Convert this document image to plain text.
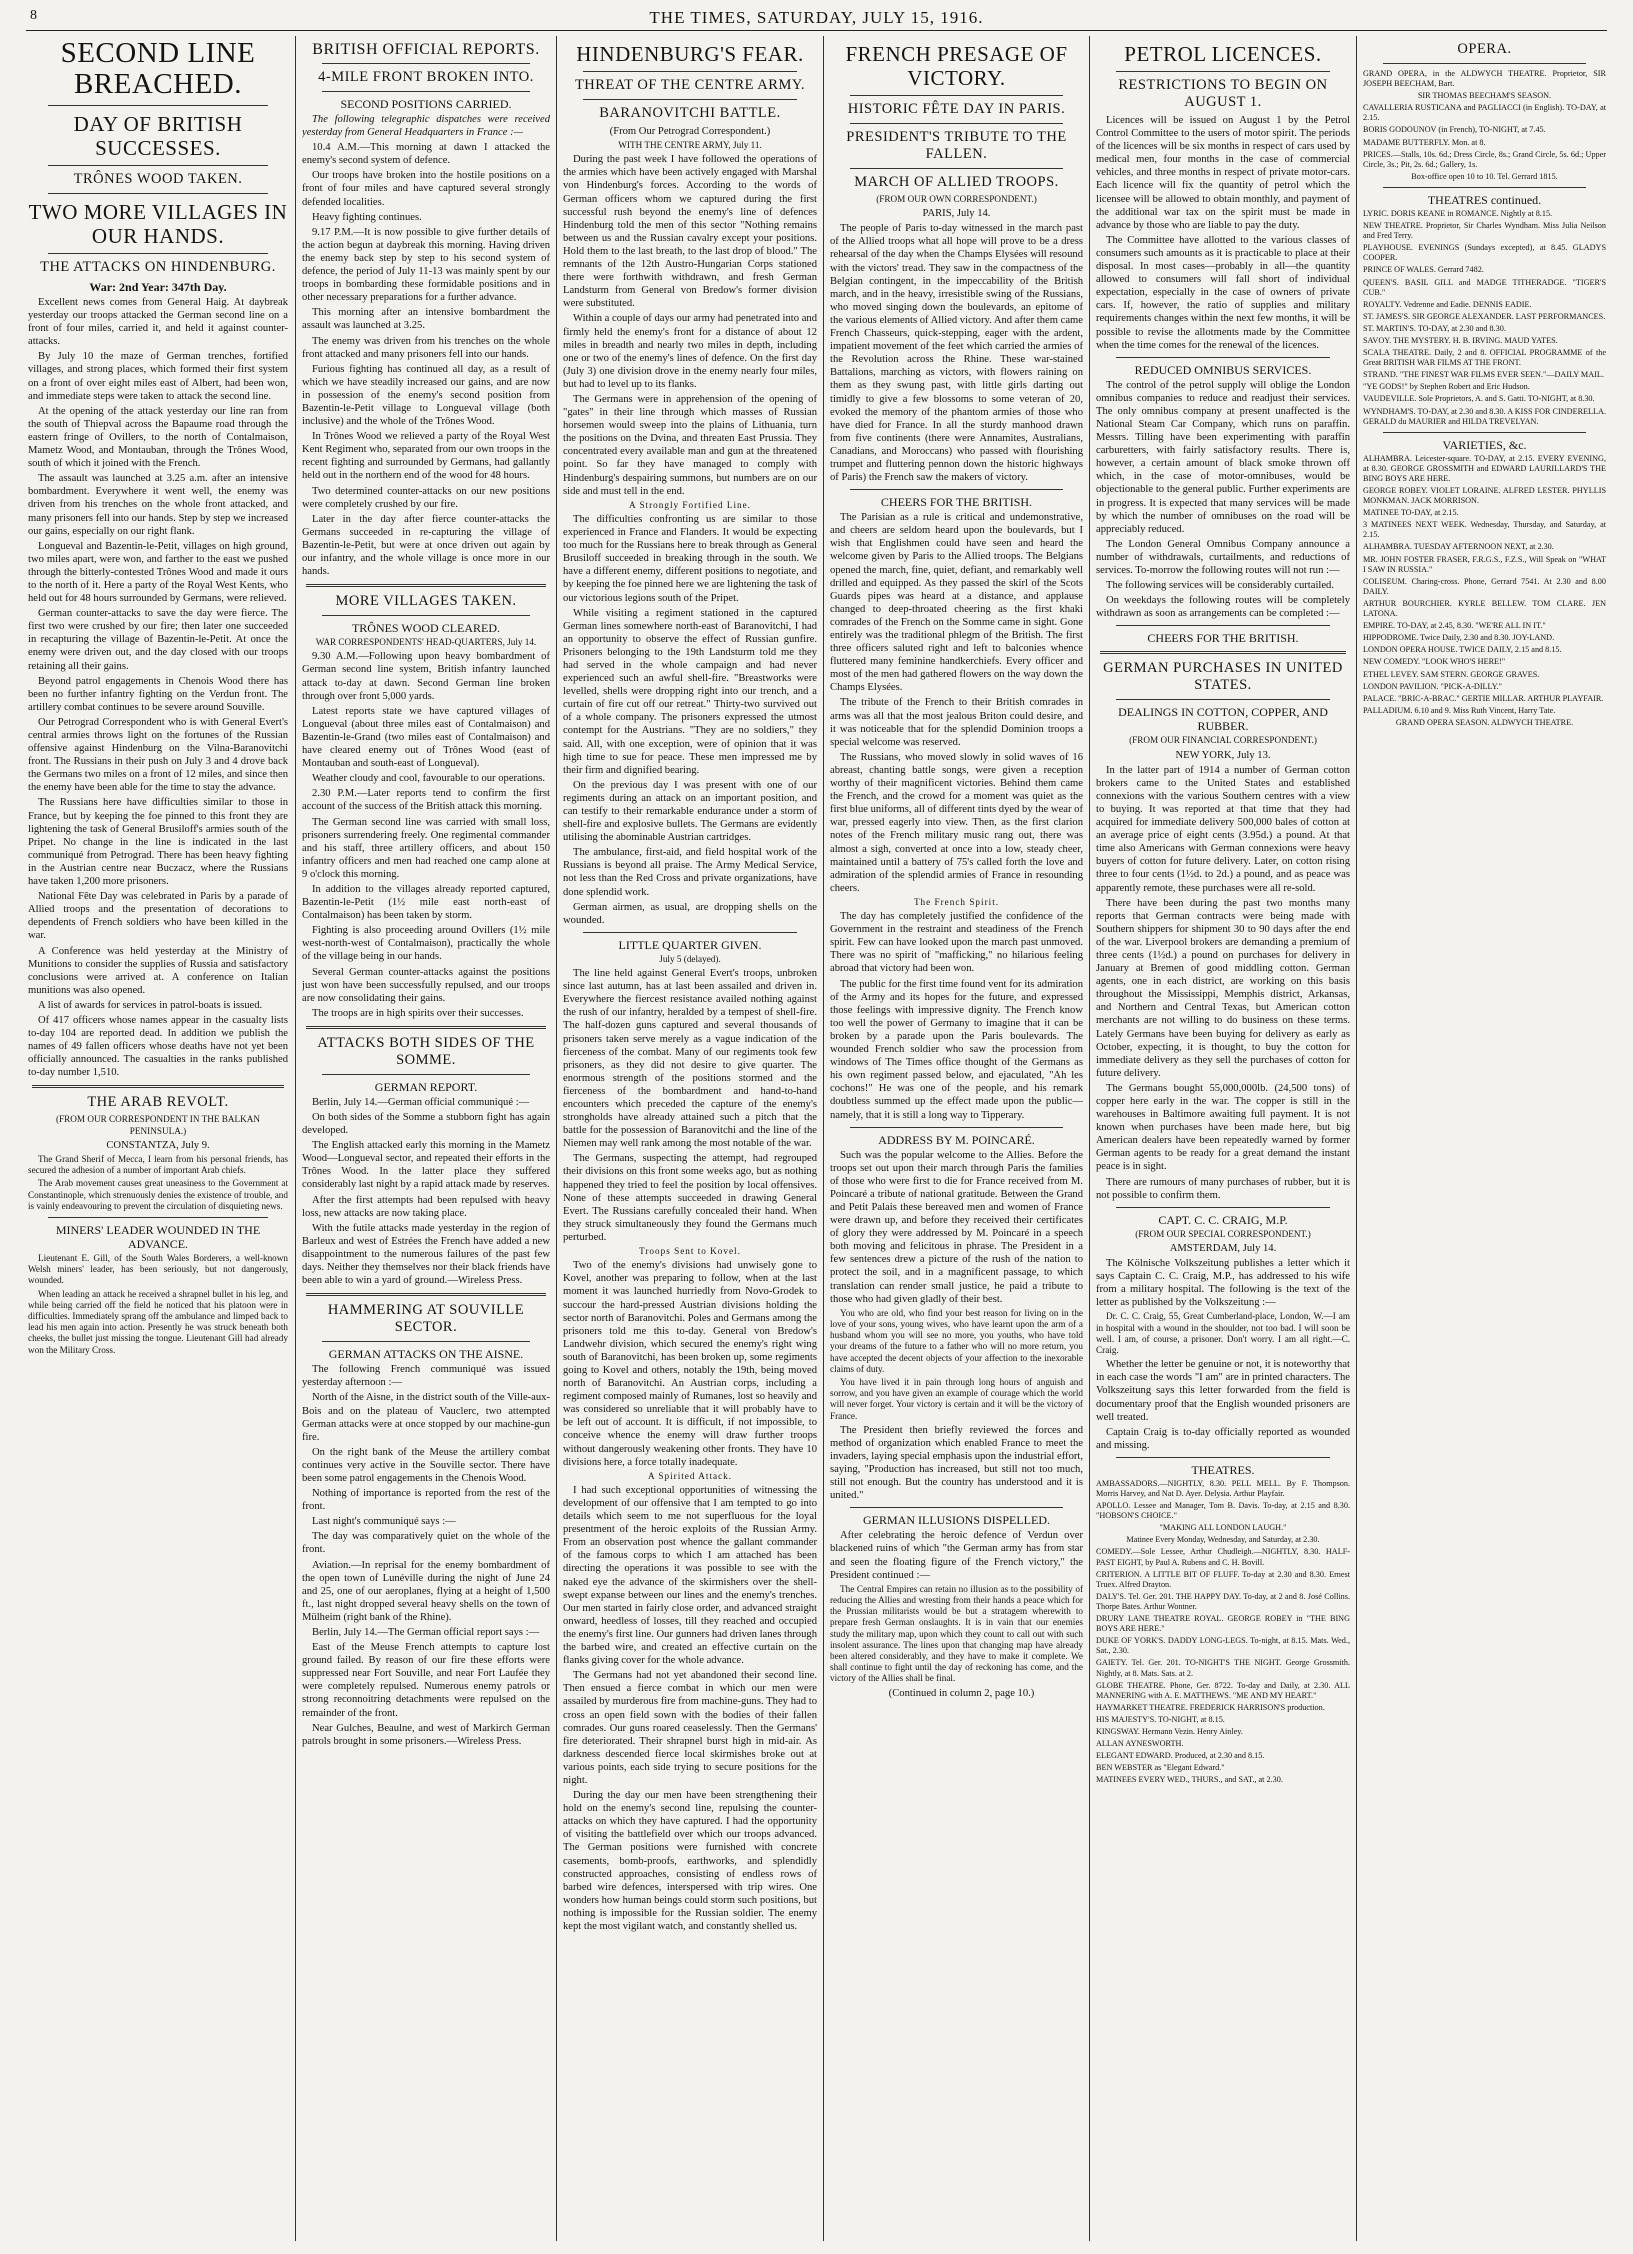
8	THE TIMES, SATURDAY, JULY 15, 1916.
SECOND LINE BREACHED.
DAY OF BRITISH SUCCESSES.
TRÔNES WOOD TAKEN.
TWO MORE VILLAGES IN OUR HANDS.
THE ATTACKS ON HINDENBURG.
War: 2nd Year: 347th Day.

Excellent news comes from General Haig. At daybreak yesterday our troops attacked the German second line on a front of four miles, carried it, and held it against counter-attacks.

By July 10 the maze of German trenches, fortified villages, and strong places, which formed their first system on a front of over eight miles east of Albert, had been won, and immediate steps were taken to attack the second line.

At the opening of the attack yesterday our line ran from the south of Thiepval across the Bapaume road through the eastern fringe of Ovillers, to the north of Contalmaison, Mametz Wood, and Montauban, through the Trônes Wood, south of which it joined with the French.

The assault was launched at 3.25 a.m. after an intensive bombardment. Everywhere it went well, the enemy was driven from his trenches on the whole front attacked, and many prisoners fell into our hands. Step by step we increased our gains, especially on our right flank.

Longueval and Bazentin-le-Petit, villages on high ground, two miles apart, were won, and farther to the east we pushed through the bitterly-contested Trônes Wood and made it ours to the north of it. Here a party of the Royal West Kents, who held out for 48 hours surrounded by Germans, were relieved.

German counter-attacks to save the day were fierce. The first two were crushed by our fire; then later one succeeded in recapturing the village of Bazentin-le-Petit. At once the enemy were driven out, and the day closed with our troops retaining all their gains.

Beyond patrol engagements in Chenois Wood there has been no further infantry fighting on the Verdun front. The artillery combat continues to be severe around Souville.

Our Petrograd Correspondent who is with General Evert's central armies throws light on the fortunes of the Russian offensive against Hindenburg on the Vilna-Baranovitchi front. The Russians in their push on July 3 and 4 drove back the Germans two miles on a front of 12 miles, and since then the enemy have been able for the time to stay the advance.

The Russians here have difficulties similar to those in France, but by keeping the foe pinned to this front they are lightening the task of General Brusiloff's armies south of the Pripet. No change in the line is indicated in the last communiqué from Petrograd. There has been heavy fighting in the Austrian centre near Buczacz, where the Russians have taken 1,200 more prisoners.

National Fête Day was celebrated in Paris by a parade of Allied troops and the presentation of decorations to dependents of French soldiers who have been killed in the war.

A Conference was held yesterday at the Ministry of Munitions to consider the supplies of Russia and satisfactory conclusions were arrived at. A conference on Italian munitions was also opened.

A list of awards for services in patrol-boats is issued.

Of 417 officers whose names appear in the casualty lists to-day 104 are reported dead. In addition we publish the names of 49 fallen officers whose deaths have not yet been officially announced. The casualties in the ranks published to-day number 1,510.

THE ARAB REVOLT.

(FROM OUR CORRESPONDENT IN THE BALKAN PENINSULA.)

CONSTANTZA, July 9.

The Grand Sherif of Mecca, I learn from his personal friends, has secured the adhesion of a number of important Arab chiefs.

The Arab movement causes great uneasiness to the Government at Constantinople, which strenuously denies the existence of trouble, and is vainly endeavouring to prevent the circulation of disquieting news.

MINERS' LEADER WOUNDED IN THE ADVANCE.

Lieutenant E. Gill, of the South Wales Borderers, a well-known Welsh miners' leader, has been seriously, but not dangerously, wounded.

When leading an attack he received a shrapnel bullet in his leg, and while being carried off the field he noticed that his platoon were in difficulties. Immediately sprang off the ambulance and limped back to lead his men again into action. Presently he was struck beneath both cheeks, the bullet just missing the tongue. Lieutenant Gill had already won the Military Cross.

BRITISH OFFICIAL REPORTS.
4-MILE FRONT BROKEN INTO.
SECOND POSITIONS CARRIED.

The following telegraphic dispatches were received yesterday from General Headquarters in France :—

10.4 A.M.—This morning at dawn I attacked the enemy's second system of defence.

Our troops have broken into the hostile positions on a front of four miles and have captured several strongly defended localities.

Heavy fighting continues.

9.17 P.M.—It is now possible to give further details of the action begun at daybreak this morning. Having driven the enemy back step by step to his second system of defence, the period of July 11-13 was mainly spent by our troops in bombarding these formidable positions and in other necessary preparations for a further advance.

This morning after an intensive bombardment the assault was launched at 3.25.

The enemy was driven from his trenches on the whole front attacked and many prisoners fell into our hands.

Furious fighting has continued all day, as a result of which we have steadily increased our gains, and are now in possession of the enemy's second position from Bazentin-le-Petit village to Longueval village (both inclusive) and the whole of the Trônes Wood.

In Trônes Wood we relieved a party of the Royal West Kent Regiment who, separated from our own troops in the recent fighting and surrounded by Germans, had gallantly held out in the northern end of the wood for 48 hours.

Two determined counter-attacks on our new positions were completely crushed by our fire.

Later in the day after fierce counter-attacks the Germans succeeded in re-capturing the village of Bazentin-le-Petit, but were at once driven out again by our infantry, and the whole village is once more in our hands.

MORE VILLAGES TAKEN.
TRÔNES WOOD CLEARED.

WAR CORRESPONDENTS' HEAD-QUARTERS, July 14.

9.30 A.M.—Following upon heavy bombardment of German second line system, British infantry launched attack to-day at dawn. Second German line broken through over front 5,000 yards.

Latest reports state we have captured villages of Longueval (about three miles east of Contalmaison) and Bazentin-le-Grand (two miles east of Contalmaison) and have cleared enemy out of Trônes Wood (east of Montauban and south-east of Longueval).

Weather cloudy and cool, favourable to our operations.

2.30 P.M.—Later reports tend to confirm the first account of the success of the British attack this morning.

The German second line was carried with small loss, prisoners surrendering freely. One regimental commander and his staff, three artillery officers, and about 150 infantry officers and men had reached one camp alone at 9 o'clock this morning.

In addition to the villages already reported captured, Bazentin-le-Petit (1½ mile east north-east of Contalmaison) has been taken by storm.

Fighting is also proceeding around Ovillers (1½ mile west-north-west of Contalmaison), practically the whole of the village being in our hands.

Several German counter-attacks against the positions just won have been successfully repulsed, and our troops are now consolidating their gains.

The troops are in high spirits over their successes.

ATTACKS BOTH SIDES OF THE SOMME.
GERMAN REPORT.

Berlin, July 14.—German official communiqué :—

On both sides of the Somme a stubborn fight has again developed.

The English attacked early this morning in the Mametz Wood—Longueval sector, and repeated their efforts in the Trônes Wood. In the latter place they suffered considerably last night by a rapid attack made by reserves.

After the first attempts had been repulsed with heavy loss, new attacks are now taking place.

With the futile attacks made yesterday in the region of Barleux and west of Estrées the French have added a new disappointment to the numerous failures of the past few days. Neither they themselves nor their black friends have been able to win a yard of ground.—Wireless Press.

HAMMERING AT SOUVILLE SECTOR.
GERMAN ATTACKS ON THE AISNE.

The following French communiqué was issued yesterday afternoon :—

North of the Aisne, in the district south of the Ville-aux-Bois and on the plateau of Vauclerc, two attempted German attacks were at once stopped by our machine-gun fire.

On the right bank of the Meuse the artillery combat continues very active in the Souville sector. There have been some patrol engagements in the Chenois Wood.

Nothing of importance is reported from the rest of the front.

Last night's communiqué says :—

The day was comparatively quiet on the whole of the front.

Aviation.—In reprisal for the enemy bombardment of the open town of Lunéville during the night of June 24 and 25, one of our aeroplanes, flying at a height of 1,500 ft., last night dropped several heavy shells on the town of Mülheim (right bank of the Rhine).

Berlin, July 14.—The German official report says :—

East of the Meuse French attempts to capture lost ground failed. By reason of our fire these efforts were suppressed near Fort Souville, and near Fort Laufée they were completely repulsed. Numerous enemy patrols or strong reconnoitring detachments were repulsed on the remainder of the front.

Near Gulches, Beaulne, and west of Markirch German patrols brought in some prisoners.—Wireless Press.

HINDENBURG'S FEAR.
THREAT OF THE CENTRE ARMY.
BARANOVITCHI BATTLE.

(From Our Petrograd Correspondent.)

WITH THE CENTRE ARMY, July 11.

During the past week I have followed the operations of the armies which have been actively engaged with Marshal von Hindenburg's forces. According to the words of German officers whom we captured during the first successful rush beyond the enemy's line of defences Hindenburg told the men of this sector "Nothing remains between us and the Russian cavalry except your positions. Hold them to the last breath, to the last drop of blood." The remnants of the 12th Austro-Hungarian Corps stationed there were forthwith withdrawn, and fresh German Landsturm from General von Bredow's former division were substituted.

Within a couple of days our army had penetrated into and firmly held the enemy's front for a distance of about 12 miles in breadth and nearly two miles in depth, including one or two of the enemy's lines of defence. On the first day (July 3) one division drove in the enemy nearly four miles, but had to level up to its flanks.

The Germans were in apprehension of the opening of "gates" in their line through which masses of Russian horsemen would sweep into the plains of Lithuania, turn the positions on the Dvina, and threaten East Prussia. They concentrated every available man and gun at the threatened point. So far they have managed to comply with Hindenburg's despairing summons, but numbers are on our side and must tell in the end.

A Strongly Fortified Line.

The difficulties confronting us are similar to those experienced in France and Flanders. It would be expecting too much for the Russians here to break through as General Brusiloff succeeded in breaking through in the south. We have a different enemy, different positions to negotiate, and by keeping the foe pinned here we are lightening the task of our victorious legions south of the Pripet.

While visiting a regiment stationed in the captured German lines somewhere north-east of Baranovitchi, I had an opportunity to observe the effect of Russian gunfire. Prisoners belonging to the 19th Landsturm told me they had served in the whole campaign and had never experienced such an awful shell-fire. "Breastworks were levelled, shells were dropping right into our trench, and a curtain of fire cut off our retreat." Thirty-two survived out of a whole company. The prisoners expressed the utmost contempt for the Austrians. "They are no soldiers," they said. All, with one exception, were of opinion that it was high time to sue for peace. These men impressed me by their firm and dignified bearing.

On the previous day I was present with one of our regiments during an attack on an important position, and can testify to their remarkable endurance under a storm of shell-fire and explosive bullets. The Germans are evidently utilising the abominable Austrian cartridges.

The ambulance, first-aid, and field hospital work of the Russians is beyond all praise. The Army Medical Service, not less than the Red Cross and private organizations, have done splendid work.

German airmen, as usual, are dropping shells on the wounded.

LITTLE QUARTER GIVEN.

July 5 (delayed).

The line held against General Evert's troops, unbroken since last autumn, has at last been assailed and driven in. Everywhere the fiercest resistance availed nothing against the rush of our infantry, heralded by a tempest of shell-fire. The half-dozen guns captured and several thousands of prisoners taken serve merely as a vague indication of the fierceness of the combat. Many of our regiments took few prisoners, as they did not desire to give quarter. The enormous strength of the positions stormed and the fierceness of the bombardment and hand-to-hand encounters which preceded the capture of the enemy's strongholds have already attained such a pitch that the battle for the possession of Baranovitchi and the line of the Niemen may well rank among the most notable of the war.

The Germans, suspecting the attempt, had regrouped their divisions on this front some weeks ago, but as nothing happened they tried to feel the position by local offensives. None of these attempts succeeded in drawing General Evert. The Russians carefully concealed their hand. When they struck simultaneously they found the Germans much perturbed.

Troops Sent to Kovel.

Two of the enemy's divisions had unwisely gone to Kovel, another was preparing to follow, when at the last moment it was launched hurriedly from Novo-Grodek to succour the hard-pressed Austrian divisions holding the sector north of Baranovitchi. Poles and Germans among the prisoners told me this to-day. General von Bredow's Landwehr division, which secured the enemy's right wing south of Baranovitchi, has been broken up, some regiments going to Kovel and others, notably the 19th, being moved north of Baranovitchi. An Austrian corps, including a regiment composed mainly of Rumanes, lost so heavily and was considered so unreliable that it will probably have to be left out of account. It is difficult, if not impossible, to conceive whence the enemy will draw further troops without dangerously weakening other fronts. They have 10 divisions here, a force totally inadequate.

A Spirited Attack.

I had such exceptional opportunities of witnessing the development of our offensive that I am tempted to go into details which seem to me not superfluous for the loyal presentment of the heroic exploits of the Russian Army. From an observation post whence the gallant commander of the famous corps to which I am attached has been directing the operations it was possible to see with the naked eye the advance of the skirmishers over the shell-swept expanse between our lines and the enemy's trenches. Our men started in fairly close order, and advanced straight onward, heedless of losses, till they reached and occupied the enemy's first line. Our gunners had driven lanes through the barbed wire, and created an effective curtain on the flanks giving cover for the whole advance.

The Germans had not yet abandoned their second line. Then ensued a fierce combat in which our men were assailed by murderous fire from machine-guns. They had to cross an open field sown with the bodies of their fallen comrades. Our guns roared ceaselessly. Then the Germans' fire deteriorated. Their shrapnel burst high in mid-air. As darkness descended fierce local skirmishes broke out at various points, each side trying to secure positions for the night.

During the day our men have been strengthening their hold on the enemy's second line, repulsing the counter-attacks on which they have captured. I had the opportunity of visiting the battlefield over which our troops advanced. The German positions were furnished with concrete casements, bomb-proofs, earthworks, and splendidly constructed approaches, consisting of endless rows of barbed wire defences, interspersed with trip wires. One wonders how human beings could storm such positions, but nothing is impossible for the Russian soldier. The enemy kept the most vigilant watch, and constantly shelled us.

FRENCH PRESAGE OF VICTORY.
HISTORIC FÊTE DAY IN PARIS.
PRESIDENT'S TRIBUTE TO THE FALLEN.
MARCH OF ALLIED TROOPS.

(FROM OUR OWN CORRESPONDENT.)

PARIS, July 14.

The people of Paris to-day witnessed in the march past of the Allied troops what all hope will prove to be a dress rehearsal of the day when the Champs Elysées will resound with the victors' tread. They saw in the compactness of the Belgian contingent, in the impeccability of the British march, and in the heavy, irresistible swing of the Russians, who moved singing down the boulevards, an epitome of the various elements of Allied victory. And after them came French Chasseurs, quick-stepping, eager with the ardent, impatient movement of the feet which carried the armies of the Revolution across the Rhine. These war-stained Battalions, marching as victors, with flowers raining on them as they swung past, with little girls darting out timidly to give a few blossoms to some veteran of 20, evoked the memory of the phantom armies of those who have died for France. In all the sturdy manhood drawn from five continents (there were Annamites, Australians, Canadians, and Moroccans) who passed with flourishing trumpet and fluttering pennon down the historic highways of Paris) the French saw the makers of victory.

CHEERS FOR THE BRITISH.

The Parisian as a rule is critical and undemonstrative, and cheers are seldom heard upon the boulevards, but I wish that Englishmen could have seen and heard the welcome given by Paris to the Allied troops. The Belgians opened the march, fine, quiet, defiant, and remarkably well drilled and equipped. As they passed the skirl of the Scots Guards pipes was heard at a distance, and applause changed to deep-throated cheering as the first khaki comrades of the French on the Somme came in sight. Gone entirely was the traditional phlegm of the British. The first three officers saluted right and left to balconies whence fluttered many feminine handkerchiefs. Every officer and most of the men had gathered flowers on the way down the Champs Elysées.

The tribute of the French to their British comrades in arms was all that the most jealous Briton could desire, and it was noticeable that for the splendid Dominion troops a special welcome was reserved.

The Russians, who moved slowly in solid waves of 16 abreast, chanting battle songs, were given a reception worthy of their magnificent victories. Behind them came the French, and the crowd for a moment was quiet as the first blue uniforms, all of different tints dyed by the wear of war, pressed eagerly into view. Then, as the first clarion notes of the French military music rang out, there was almost a sigh, converted at once into a low, steady cheer, maintained until a battery of 75's called forth the love and admiration of the splendid armies of France in resounding cheers.

The French Spirit.

The day has completely justified the confidence of the Government in the restraint and steadiness of the French spirit. Few can have looked upon the march past unmoved. There was no spirit of "mafficking," no hilarious feeling abroad that victory had been won.

The public for the first time found vent for its admiration of the Army and its hopes for the future, and expressed those feelings with impressive dignity. The French know too well the power of Germany to imagine that it can be broken by a parade upon the Paris boulevards. The wounded French soldier who saw the procession from windows of The Times office thought of the Germans as his own regiment passed below, and ejaculated, "Ah les cochons!" He was one of the people, and his remark doubtless summed up the effect made upon the public—namely, that it is still a long way to Tipperary.

ADDRESS BY M. POINCARÉ.

Such was the popular welcome to the Allies. Before the troops set out upon their march through Paris the families of those who were first to die for France received from M. Poincaré a tribute of national gratitude. Between the Grand and Petit Palais these bereaved men and women of France were drawn up, and before they received their certificates of glory they were addressed by M. Poincaré in a speech both moving and felicitous in phrase. The President in a few sentences drew a picture of the rush of the nation to protect the soil, and in a magnificent passage, to which translation can render small justice, he paid a tribute to those who had given gladly of their best.

You who are old, who find your best reason for living on in the love of your sons, young wives, who have learnt upon the arm of a husband whom you will see no more, you youths, who have told your dreams of the future to a father who will no more return, you have accepted the decent objects of your affection to the inexorable claims of duty.

You have lived it in pain through long hours of anguish and sorrow, and you have given an example of courage which the world will never forget. Your victory is certain and it will be the victory of France.

The President then briefly reviewed the forces and method of organization which enabled France to meet the invaders, laying special emphasis upon the industrial effort, saying, "Production has increased, but still not too much, still not enough. But the country has understood and it is united."

GERMAN ILLUSIONS DISPELLED.

After celebrating the heroic defence of Verdun over blackened ruins of which "the German army has from star and seen the floating figure of the French victory," the President continued :—

The Central Empires can retain no illusion as to the possibility of reducing the Allies and wresting from their hands a peace which for the Prussian militarists would be but a stratagem wherewith to prepare fresh German onslaughts. It is in vain that our enemies study the military map, upon which they count to call out with such insolent assurance. The lines upon that changing map have already been altered considerably, and they have to make it complete. We shall continue to fight until the day of reckoning has come, and the victory of the Allies shall be final.

(Continued in column 2, page 10.)

PETROL LICENCES.
RESTRICTIONS TO BEGIN ON AUGUST 1.

Licences will be issued on August 1 by the Petrol Control Committee to the users of motor spirit. The periods of the licences will be six months in respect of cars used by medical men, four months in the case of commercial vehicles, and three months in respect of private motor-cars. Each licence will fix the quantity of petrol which the licensee will be allowed to obtain monthly, and payment of the additional war tax on the spirit must be made in advance by those who are liable to pay the duty.

The Committee have allotted to the various classes of consumers such amounts as it is practicable to place at their disposal. In most cases—probably in all—the quantity allowed to consumers will fall short of individual expectation, especially in the case of owners of private cars. If, however, the ratio of supplies and military requirements changes within the next few months, it will be possible to revise the allotments made by the Committee when the time comes for the renewal of the licences.

REDUCED OMNIBUS SERVICES.

The control of the petrol supply will oblige the London omnibus companies to reduce and readjust their services. The only omnibus company at present unaffected is the National Steam Car Company, which runs on paraffin. Messrs. Tilling have been experimenting with paraffin carburetters, with fairly satisfactory results. There is, however, a certain amount of black smoke thrown off which, in the case of motor-omnibuses, would be objectionable to the general public. Further experiments are in progress. It is expected that many services will be made by which the number of omnibuses on the road will be appreciably reduced.

The London General Omnibus Company announce a number of withdrawals, curtailments, and reductions of services. To-morrow the following routes will not run :—

The following services will be considerably curtailed.

On weekdays the following routes will be completely withdrawn as soon as arrangements can be completed :—

CHEERS FOR THE BRITISH.
GERMAN PURCHASES IN UNITED STATES.
DEALINGS IN COTTON, COPPER, AND RUBBER.

(FROM OUR FINANCIAL CORRESPONDENT.)

NEW YORK, July 13.

In the latter part of 1914 a number of German cotton brokers came to the United States and established connexions with the various Southern centres with a view to buying. It was reported at that time that they had acquired for immediate delivery 500,000 bales of cotton at an average price of eight cents (3.95d.) a pound. At that time also Americans with German connexions were heavy buyers of cotton for future delivery. Later, on cotton rising three to four cents (1½d. to 2d.) a pound, and as peace was apparently remote, these purchases were all re-sold.

There have been during the past two months many reports that German contracts were being made with Southern shippers for shipment 30 to 90 days after the end of the war. Liverpool brokers are demanding a premium of three cents (1½d.) a pound on purchases for delivery in January at Bremen of good middling cotton. German agents, one in each district, are working on this basis throughout the Mississippi, Memphis district, Arkansas, and Northern and Central Texas, but American cotton merchants are not willing to do business on these terms. Lately Germans have been buying for delivery as early as October, expecting, it is thought, to buy the cotton for immediate delivery as they sell the purchases of cotton for future delivery.

The Germans bought 55,000,000lb. (24,500 tons) of copper here early in the war. The copper is still in the warehouses in Baltimore awaiting full payment. It is not known when purchases have been made here, but big American dealers have been repeatedly warned by former German agents to be ready for a great demand the instant peace is in sight.

There are rumours of many purchases of rubber, but it is not possible to confirm them.

CAPT. C. C. CRAIG, M.P.

(FROM OUR SPECIAL CORRESPONDENT.)

AMSTERDAM, July 14.

The Kölnische Volkszeitung publishes a letter which it says Captain C. C. Craig, M.P., has addressed to his wife from a military hospital. The following is the text of the letter as published by the Volkszeitung :—

Dr. C. C. Craig, 55, Great Cumberland-place, London, W.—I am in hospital with a wound in the shoulder, not too bad. I will soon be well. I am, of course, a prisoner. Don't worry. I am all right.—C. Craig.

Whether the letter be genuine or not, it is noteworthy that in each case the words "I am" are in printed characters. The Volkszeitung says this letter forwarded from the field is documentary proof that the English wounded prisoners are well treated.

Captain Craig is to-day officially reported as wounded and missing.

THEATRES.

AMBASSADORS.—NIGHTLY, 8.30. PELL MELL. By F. Thompson. Morris Harvey, and Nat D. Ayer. Delysia. Arthur Playfair.

APOLLO. Lessee and Manager, Tom B. Davis. To-day, at 2.15 and 8.30. "HOBSON'S CHOICE."

"MAKING ALL LONDON LAUGH."

Matinee Every Monday, Wednesday, and Saturday, at 2.30.

COMEDY.—Sole Lessee, Arthur Chudleigh.—NIGHTLY, 8.30. HALF-PAST EIGHT, by Paul A. Rubens and C. H. Bovill.

CRITERION. A LITTLE BIT OF FLUFF. To-day at 2.30 and 8.30. Ernest Truex. Alfred Drayton.

DALY'S. Tel. Ger. 201. THE HAPPY DAY. To-day, at 2 and 8. José Collins. Thorpe Bates. Arthur Wontner.

DRURY LANE THEATRE ROYAL. GEORGE ROBEY in "THE BING BOYS ARE HERE."

DUKE OF YORK'S. DADDY LONG-LEGS. To-night, at 8.15. Mats. Wed., Sat., 2.30.

GAIETY. Tel. Ger. 201. TO-NIGHT'S THE NIGHT. George Grossmith. Nightly, at 8. Mats. Sats. at 2.

GLOBE THEATRE. Phone, Ger. 8722. To-day and Daily, at 2.30. ALL MANNERING with A. E. MATTHEWS. "ME AND MY HEART."

HAYMARKET THEATRE. FREDERICK HARRISON'S production.

HIS MAJESTY'S. TO-NIGHT, at 8.15.

KINGSWAY. Hermann Vezin. Henry Ainley.

ALLAN AYNESWORTH.

ELEGANT EDWARD. Produced, at 2.30 and 8.15.

BEN WEBSTER as "Elegant Edward."

MATINEES EVERY WED., THURS., and SAT., at 2.30.

OPERA.

GRAND OPERA, in the ALDWYCH THEATRE. Proprietor, SIR JOSEPH BEECHAM, Bart.

SIR THOMAS BEECHAM'S SEASON.

CAVALLERIA RUSTICANA and PAGLIACCI (in English). TO-DAY, at 2.15.

BORIS GODOUNOV (in French), TO-NIGHT, at 7.45.

MADAME BUTTERFLY. Mon. at 8.

PRICES.—Stalls, 10s. 6d.; Dress Circle, 8s.; Grand Circle, 5s. 6d.; Upper Circle, 3s.; Pit, 2s. 6d.; Gallery, 1s.

Box-office open 10 to 10. Tel. Gerrard 1815.

THEATRES continued.

LYRIC. DORIS KEANE in ROMANCE. Nightly at 8.15.

NEW THEATRE. Proprietor, Sir Charles Wyndham. Miss Julia Neilson and Fred Terry.

PLAYHOUSE. EVENINGS (Sundays excepted), at 8.45. GLADYS COOPER.

PRINCE OF WALES. Gerrard 7482.

QUEEN'S. BASIL GILL and MADGE TITHERADGE. "TIGER'S CUB."

ROYALTY. Vedrenne and Eadie. DENNIS EADIE.

ST. JAMES'S. SIR GEORGE ALEXANDER. LAST PERFORMANCES.

ST. MARTIN'S. TO-DAY, at 2.30 and 8.30.

SAVOY. THE MYSTERY. H. B. IRVING. MAUD YATES.

SCALA THEATRE. Daily, 2 and 8. OFFICIAL PROGRAMME of the Great BRITISH WAR FILMS AT THE FRONT.

STRAND. "THE FINEST WAR FILMS EVER SEEN."—DAILY MAIL.

"YE GODS!" by Stephen Robert and Eric Hudson.

VAUDEVILLE. Sole Proprietors, A. and S. Gatti. TO-NIGHT, at 8.30.

WYNDHAM'S. TO-DAY, at 2.30 and 8.30. A KISS FOR CINDERELLA. GERALD du MAURIER and HILDA TREVELYAN.

VARIETIES, &c.

ALHAMBRA. Leicester-square. TO-DAY, at 2.15. EVERY EVENING, at 8.30. GEORGE GROSSMITH and EDWARD LAURILLARD'S THE BING BOYS ARE HERE.

GEORGE ROBEY. VIOLET LORAINE. ALFRED LESTER. PHYLLIS MONKMAN. JACK MORRISON.

MATINEE TO-DAY, at 2.15.

3 MATINEES NEXT WEEK. Wednesday, Thursday, and Saturday, at 2.15.

ALHAMBRA. TUESDAY AFTERNOON NEXT, at 2.30.

MR. JOHN FOSTER FRASER, F.R.G.S., F.Z.S., Will Speak on "WHAT I SAW IN RUSSIA."

COLISEUM. Charing-cross. Phone, Gerrard 7541. At 2.30 and 8.00 DAILY.

ARTHUR BOURCHIER. KYRLE BELLEW. TOM CLARE. JEN LATONA.

EMPIRE. TO-DAY, at 2.45, 8.30. "WE'RE ALL IN IT."

HIPPODROME. Twice Daily, 2.30 and 8.30. JOY-LAND.

LONDON OPERA HOUSE. TWICE DAILY, 2.15 and 8.15.

NEW COMEDY. "LOOK WHO'S HERE!"

ETHEL LEVEY. SAM STERN. GEORGE GRAVES.

LONDON PAVILION. "PICK-A-DILLY."

PALACE. "BRIC-A-BRAC." GERTIE MILLAR. ARTHUR PLAYFAIR.

PALLADIUM. 6.10 and 9. Miss Ruth Vincent, Harry Tate.

GRAND OPERA SEASON. ALDWYCH THEATRE.
